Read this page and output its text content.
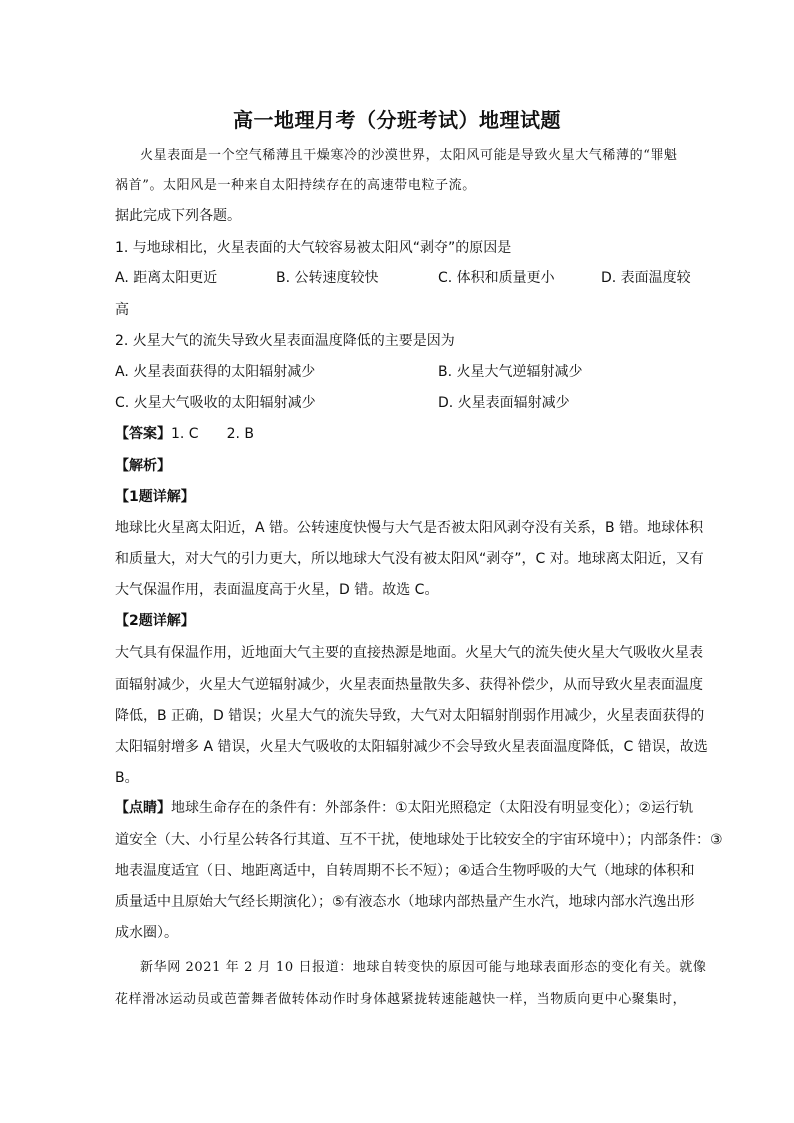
高一地理月考（分班考试）地理试题
火星表面是一个空气稀薄且干燥寒冷的沙漠世界，太阳风可能是导致火星大气稀薄的“罪魁
祸首”。太阳风是一种来自太阳持续存在的高速带电粒子流。
据此完成下列各题。
1. 与地球相比，火星表面的大气较容易被太阳风“剥夺”的原因是
A. 距离太阳更近	B. 公转速度较快	C. 体积和质量更小	D. 表面温度较
高
2. 火星大气的流失导致火星表面温度降低的主要是因为
A. 火星表面获得的太阳辐射减少	B. 火星大气逆辐射减少
C. 火星大气吸收的太阳辐射减少	D. 火星表面辐射减少
【答案】1. C　　2. B
【解析】
【1题详解】
地球比火星离太阳近，A 错。公转速度快慢与大气是否被太阳风剥夺没有关系，B 错。地球体积
和质量大，对大气的引力更大，所以地球大气没有被太阳风“剥夺”，C 对。地球离太阳近，又有
大气保温作用，表面温度高于火星，D 错。故选 C。
【2题详解】
大气具有保温作用，近地面大气主要的直接热源是地面。火星大气的流失使火星大气吸收火星表
面辐射减少，火星大气逆辐射减少，火星表面热量散失多、获得补偿少，从而导致火星表面温度
降低，B 正确，D 错误；火星大气的流失导致，大气对太阳辐射削弱作用减少，火星表面获得的
太阳辐射增多 A 错误，火星大气吸收的太阳辐射减少不会导致火星表面温度降低，C 错误，故选
B。
【点睛】地球生命存在的条件有：外部条件：①太阳光照稳定（太阳没有明显变化）；②运行轨
道安全（大、小行星公转各行其道、互不干扰，使地球处于比较安全的宇宙环境中）；内部条件：③
地表温度适宜（日、地距离适中，自转周期不长不短）；④适合生物呼吸的大气（地球的体积和
质量适中且原始大气经长期演化）；⑤有液态水（地球内部热量产生水汽，地球内部水汽逸出形
成水圈）。
新华网 2021 年 2 月 10 日报道：地球自转变快的原因可能与地球表面形态的变化有关。就像
花样滑冰运动员或芭蕾舞者做转体动作时身体越紧拢转速能越快一样，当物质向更中心聚集时，
